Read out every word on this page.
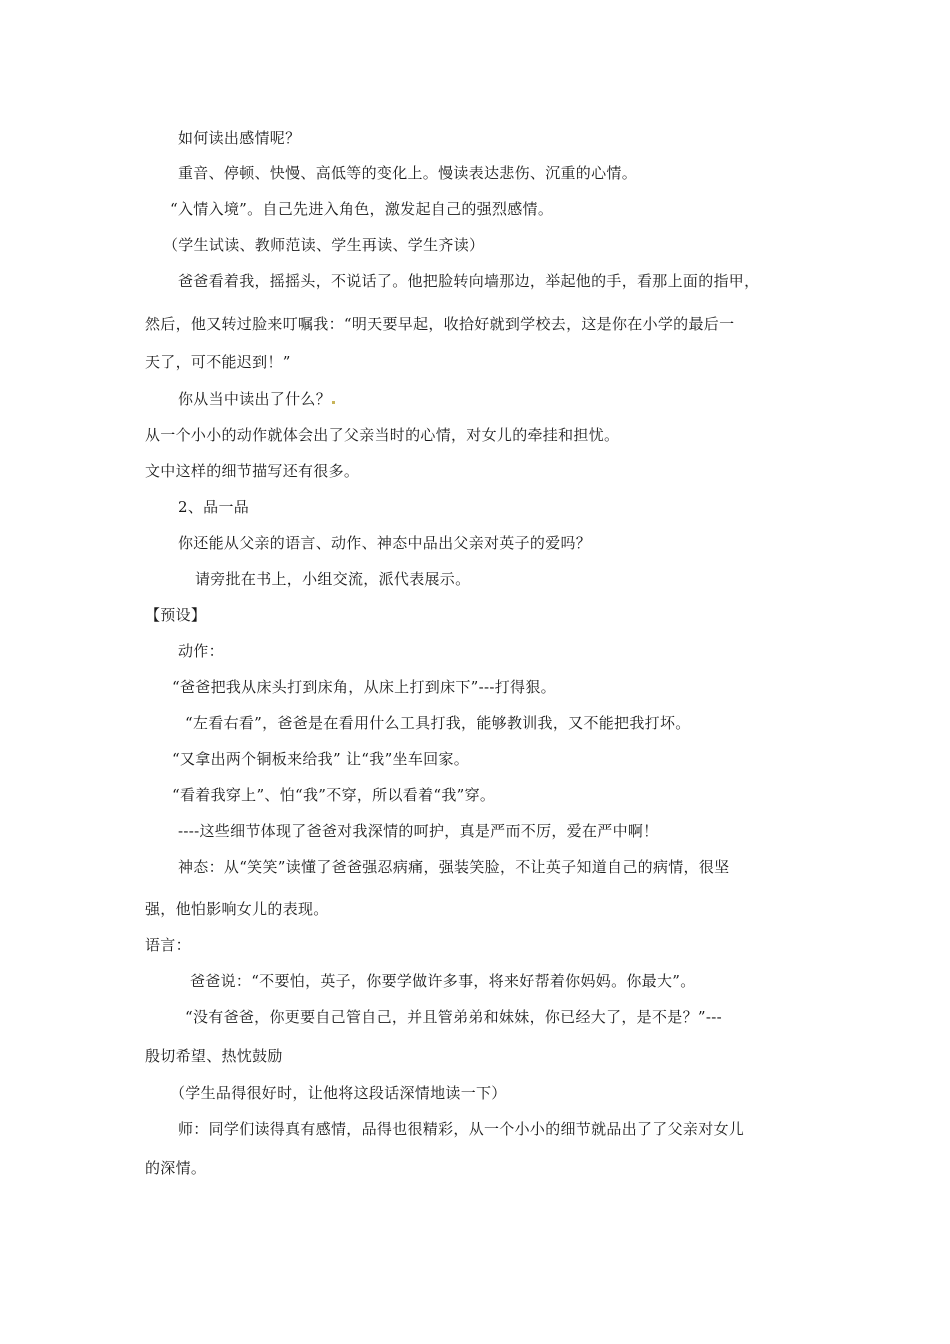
如何读出感情呢？
重音、停顿、快慢、高低等的变化上。慢读表达悲伤、沉重的心情。
“入情入境”。自己先进入角色，激发起自己的强烈感情。
（学生试读、教师范读、学生再读、学生齐读）
爸爸看着我，摇摇头，不说话了。他把脸转向墙那边，举起他的手，看那上面的指甲，
然后，他又转过脸来叮嘱我：“明天要早起，收拾好就到学校去，这是你在小学的最后一
天了，可不能迟到！”
你从当中读出了什么？
从一个小小的动作就体会出了父亲当时的心情，对女儿的牵挂和担忧。
文中这样的细节描写还有很多。
2、品一品
你还能从父亲的语言、动作、神态中品出父亲对英子的爱吗？
请旁批在书上，小组交流，派代表展示。
【预设】
动作：
“爸爸把我从床头打到床角，从床上打到床下”---打得狠。
“左看右看”，爸爸是在看用什么工具打我，能够教训我，又不能把我打坏。
“又拿出两个铜板来给我” 让“我”坐车回家。
“看着我穿上”、怕“我”不穿，所以看着“我”穿。
----这些细节体现了爸爸对我深情的呵护，真是严而不厉，爱在严中啊！
神态：从“笑笑”读懂了爸爸强忍病痛，强装笑脸，不让英子知道自己的病情，很坚
强，他怕影响女儿的表现。
语言：
爸爸说：“不要怕，英子，你要学做许多事，将来好帮着你妈妈。你最大”。
“没有爸爸，你更要自己管自己，并且管弟弟和妹妹，你已经大了，是不是？”---
殷切希望、热忱鼓励
（学生品得很好时，让他将这段话深情地读一下）
师：同学们读得真有感情，品得也很精彩，从一个小小的细节就品出了了父亲对女儿
的深情。
